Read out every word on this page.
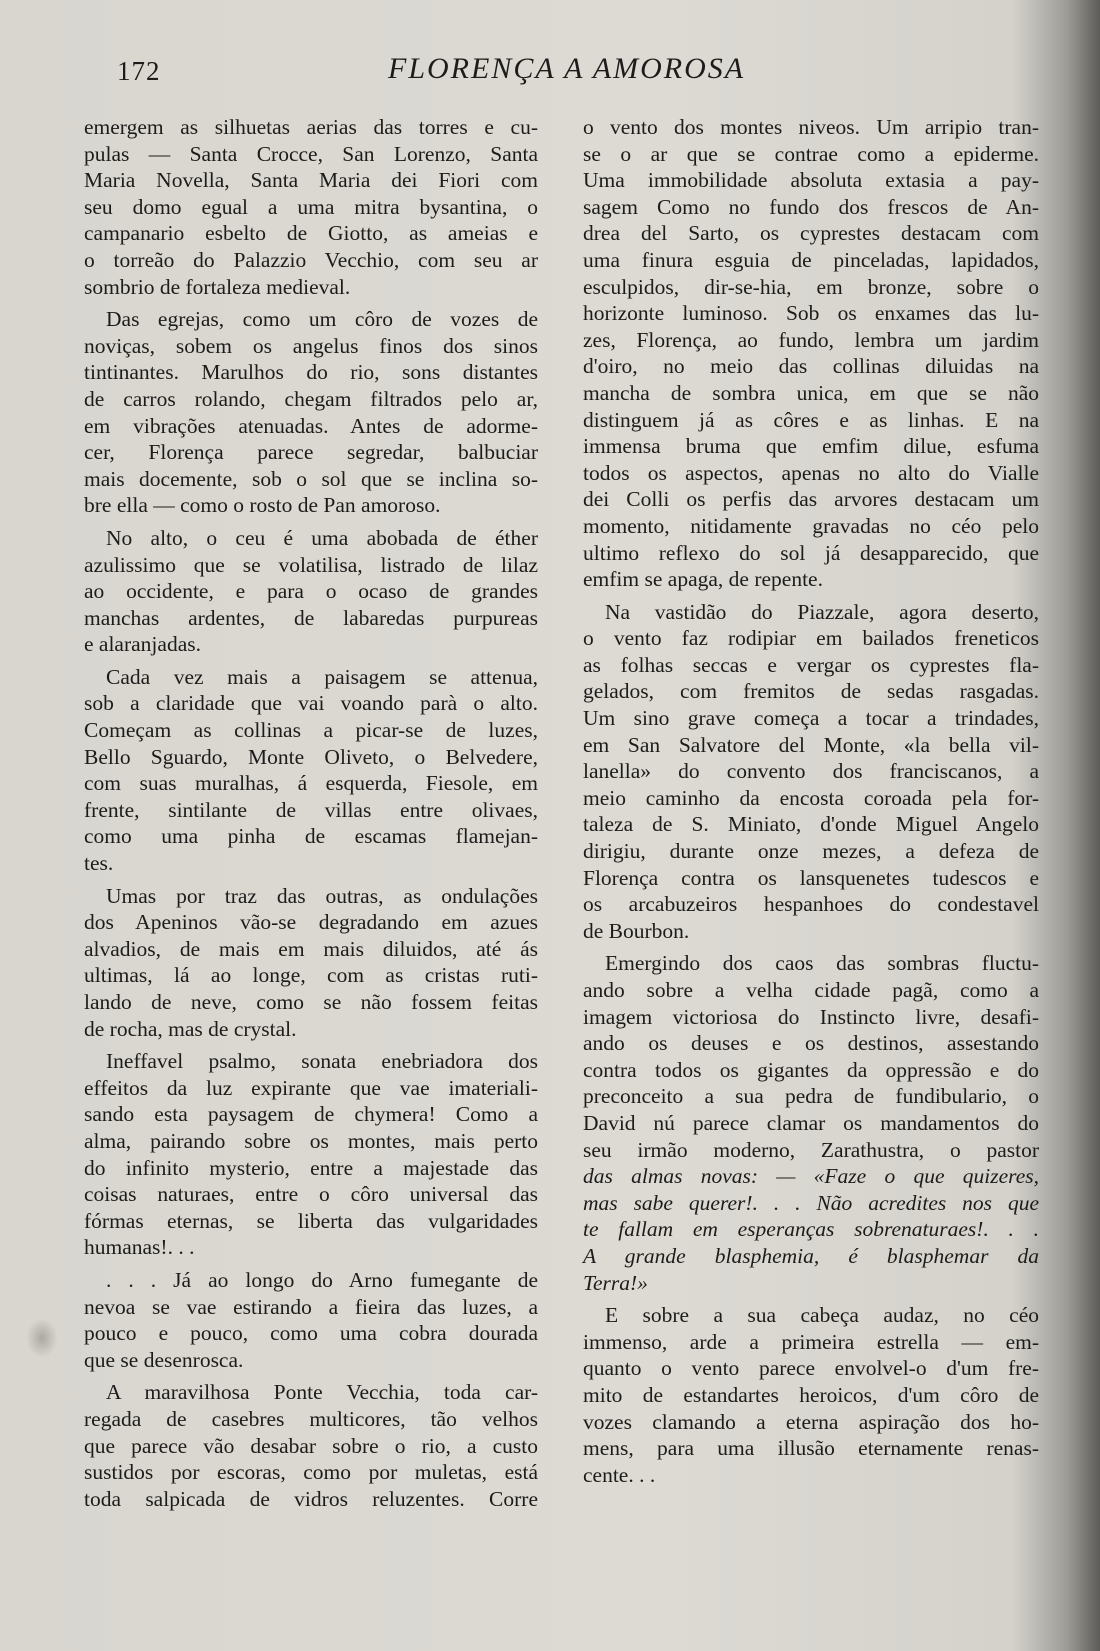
172	FLORENÇA A AMOROSA
emergem as silhuetas aerias das torres e cu-
pulas — Santa Crocce, San Lorenzo, Santa
Maria Novella, Santa Maria dei Fiori com
seu domo egual a uma mitra bysantina, o
campanario esbelto de Giotto, as ameias e
o torreão do Palazzio Vecchio, com seu ar
sombrio de fortaleza medieval.
Das egrejas, como um côro de vozes de
noviças, sobem os angelus finos dos sinos
tintinantes. Marulhos do rio, sons distantes
de carros rolando, chegam filtrados pelo ar,
em vibrações atenuadas. Antes de adormе-
cer, Florença parece segredar, balbuciar
mais docemente, sob o sol que se inclina so-
bre ella — como o rosto de Pan amoroso.
No alto, o ceu é uma abobada de éther
azulissimo que se volatilisa, listrado de lilaz
ao occidente, e para o ocaso de grandes
manchas ardentes, de labaredas purpureas
e alaranjadas.
Cada vez mais a paisagem se attenua,
sob a claridade que vai voando parà o alto.
Começam as collinas a picar-se de luzes,
Bello Sguardo, Monte Oliveto, o Belvedere,
com suas muralhas, á esquerda, Fiesole, em
frente, sintilante de villas entre olivaes,
como uma pinha de escamas flamejan-
tes.
Umas por traz das outras, as ondulações
dos Apeninos vão-se degradando em azues
alvadios, de mais em mais diluidos, até ás
ultimas, lá ao longe, com as cristas ruti-
lando de neve, como se não fossem feitas
de rocha, mas de crystal.
Ineffavel psalmo, sonata enebriadora dos
effeitos da luz expirante que vae imateriali-
sando esta paysagem de chymera! Como a
alma, pairando sobre os montes, mais perto
do infinito mysterio, entre a majestade das
coisas naturaes, entre o côro universal das
fórmas eternas, se liberta das vulgaridades
humanas!. . .
. . . Já ao longo do Arno fumegante de
nevoa se vae estirando a fieira das luzes, a
pouco e pouco, como uma cobra dourada
que se desenrosca.
A maravilhosa Ponte Vecchia, toda car-
regada de casebres multicores, tão velhos
que parece vão desabar sobre o rio, a custo
sustidos por escoras, como por muletas, está
toda salpicada de vidros reluzentes. Corre
o vento dos montes niveos. Um arripio tran-
se o ar que se contrae como a epiderme.
Uma immobilidade absoluta extasia a pay-
sagem Como no fundo dos frescos de An-
drea del Sarto, os cyprestes destacam com
uma finura esguia de pinceladas, lapidados,
esculpidos, dir-se-hia, em bronze, sobre o
horizonte luminoso. Sob os enxames das lu-
zes, Florença, ao fundo, lembra um jardim
d'oiro, no meio das collinas diluidas na
mancha de sombra unica, em que se não
distinguem já as côres e as linhas. E na
immensa bruma que emfim dilue, esfuma
todos os aspectos, apenas no alto do Vialle
dei Colli os perfis das arvores destacam um
momento, nitidamente gravadas no céo pelo
ultimo reflexo do sol já desapparecido, que
emfim se apaga, de repente.
Na vastidão do Piazzale, agora deserto,
o vento faz rodipiar em bailados freneticos
as folhas seccas e vergar os cyprestes fla-
gelados, com fremitos de sedas rasgadas.
Um sino grave começa a tocar a trindades,
em San Salvatore del Monte, «la bella vil-
lanella» do convento dos franciscanos, a
meio caminho da encosta coroada pela for-
taleza de S. Miniato, d'onde Miguel Angelo
dirigiu, durante onze mezes, a defeza de
Florença contra os lansquenetes tudescos e
os arcabuzeiros hespanhoes do condestavel
de Bourbon.
Emergindo dos caos das sombras fluctu-
ando sobre a velha cidade pagã, como a
imagem victoriosa do Instincto livre, desafi-
ando os deuses e os destinos, assestando
contra todos os gigantes da oppressão e do
preconceito a sua pedra de fundibulario, o
David nú parece clamar os mandamentos do
seu irmão moderno, Zarathustra, o pastor
das almas novas: — «Faze o que quizeres,
mas sabe querer!. . . Não acredites nos que
te fallam em esperanças sobrenaturaes!. . .
A grande blasphemia, é blasphemar da
Terra!»
E sobre a sua cabeça audaz, no céo
immenso, arde a primeira estrella — em-
quanto o vento parece envolvel-o d'um fre-
mito de estandartes heroicos, d'um côro de
vozes clamando a eterna aspiração dos ho-
mens, para uma illusão eternamente renas-
cente. . .
